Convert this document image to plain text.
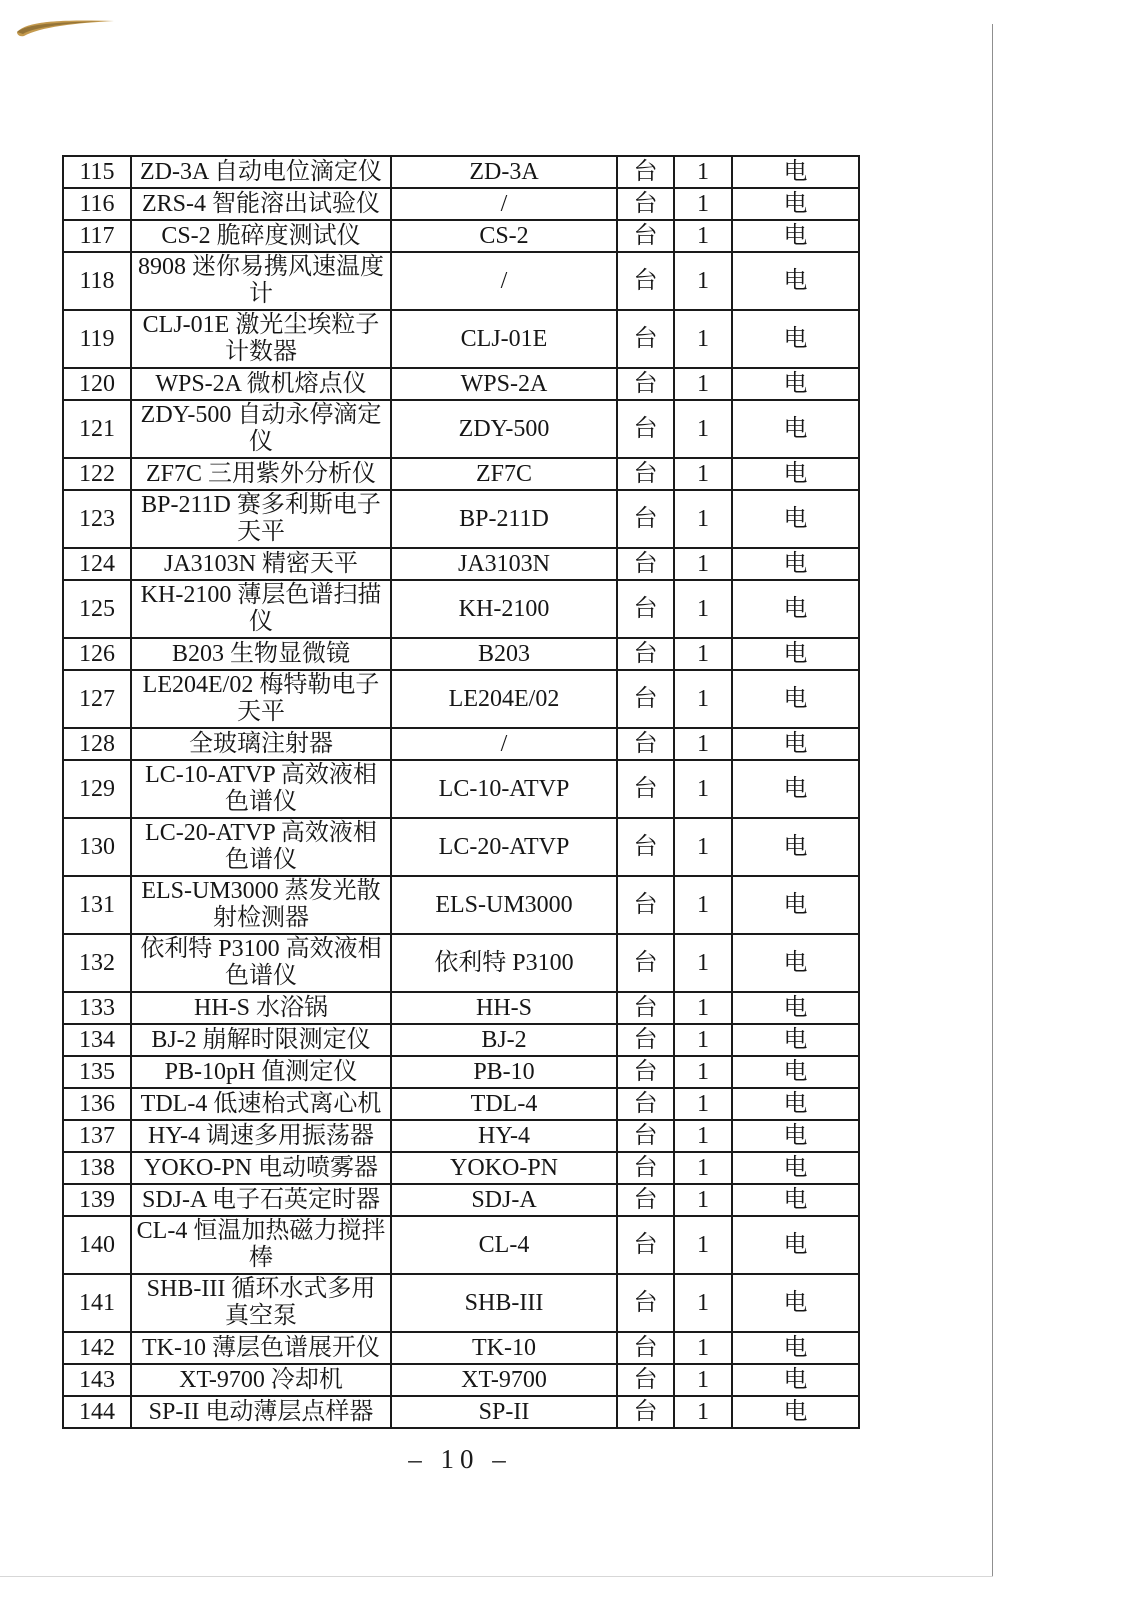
115	ZD-3A 自动电位滴定仪	ZD-3A	台	1	电
116	ZRS-4 智能溶出试验仪	/	台	1	电
117	CS-2 脆碎度测试仪	CS-2	台	1	电
118	8908 迷你易携风速温度计	/	台	1	电
119	CLJ-01E 激光尘埃粒子计数器	CLJ-01E	台	1	电
120	WPS-2A 微机熔点仪	WPS-2A	台	1	电
121	ZDY-500 自动永停滴定仪	ZDY-500	台	1	电
122	ZF7C 三用紫外分析仪	ZF7C	台	1	电
123	BP-211D 赛多利斯电子天平	BP-211D	台	1	电
124	JA3103N 精密天平	JA3103N	台	1	电
125	KH-2100 薄层色谱扫描仪	KH-2100	台	1	电
126	B203 生物显微镜	B203	台	1	电
127	LE204E/02 梅特勒电子天平	LE204E/02	台	1	电
128	全玻璃注射器	/	台	1	电
129	LC-10-ATVP 高效液相色谱仪	LC-10-ATVP	台	1	电
130	LC-20-ATVP 高效液相色谱仪	LC-20-ATVP	台	1	电
131	ELS-UM3000 蒸发光散射检测器	ELS-UM3000	台	1	电
132	依利特 P3100 高效液相色谱仪	依利特 P3100	台	1	电
133	HH-S 水浴锅	HH-S	台	1	电
134	BJ-2 崩解时限测定仪	BJ-2	台	1	电
135	PB-10pH 值测定仪	PB-10	台	1	电
136	TDL-4 低速枱式离心机	TDL-4	台	1	电
137	HY-4 调速多用振荡器	HY-4	台	1	电
138	YOKO-PN 电动喷雾器	YOKO-PN	台	1	电
139	SDJ-A 电子石英定时器	SDJ-A	台	1	电
140	CL-4 恒温加热磁力搅拌棒	CL-4	台	1	电
141	SHB-III 循环水式多用真空泵	SHB-III	台	1	电
142	TK-10 薄层色谱展开仪	TK-10	台	1	电
143	XT-9700 冷却机	XT-9700	台	1	电
144	SP-II 电动薄层点样器	SP-II	台	1	电
– 10 –
